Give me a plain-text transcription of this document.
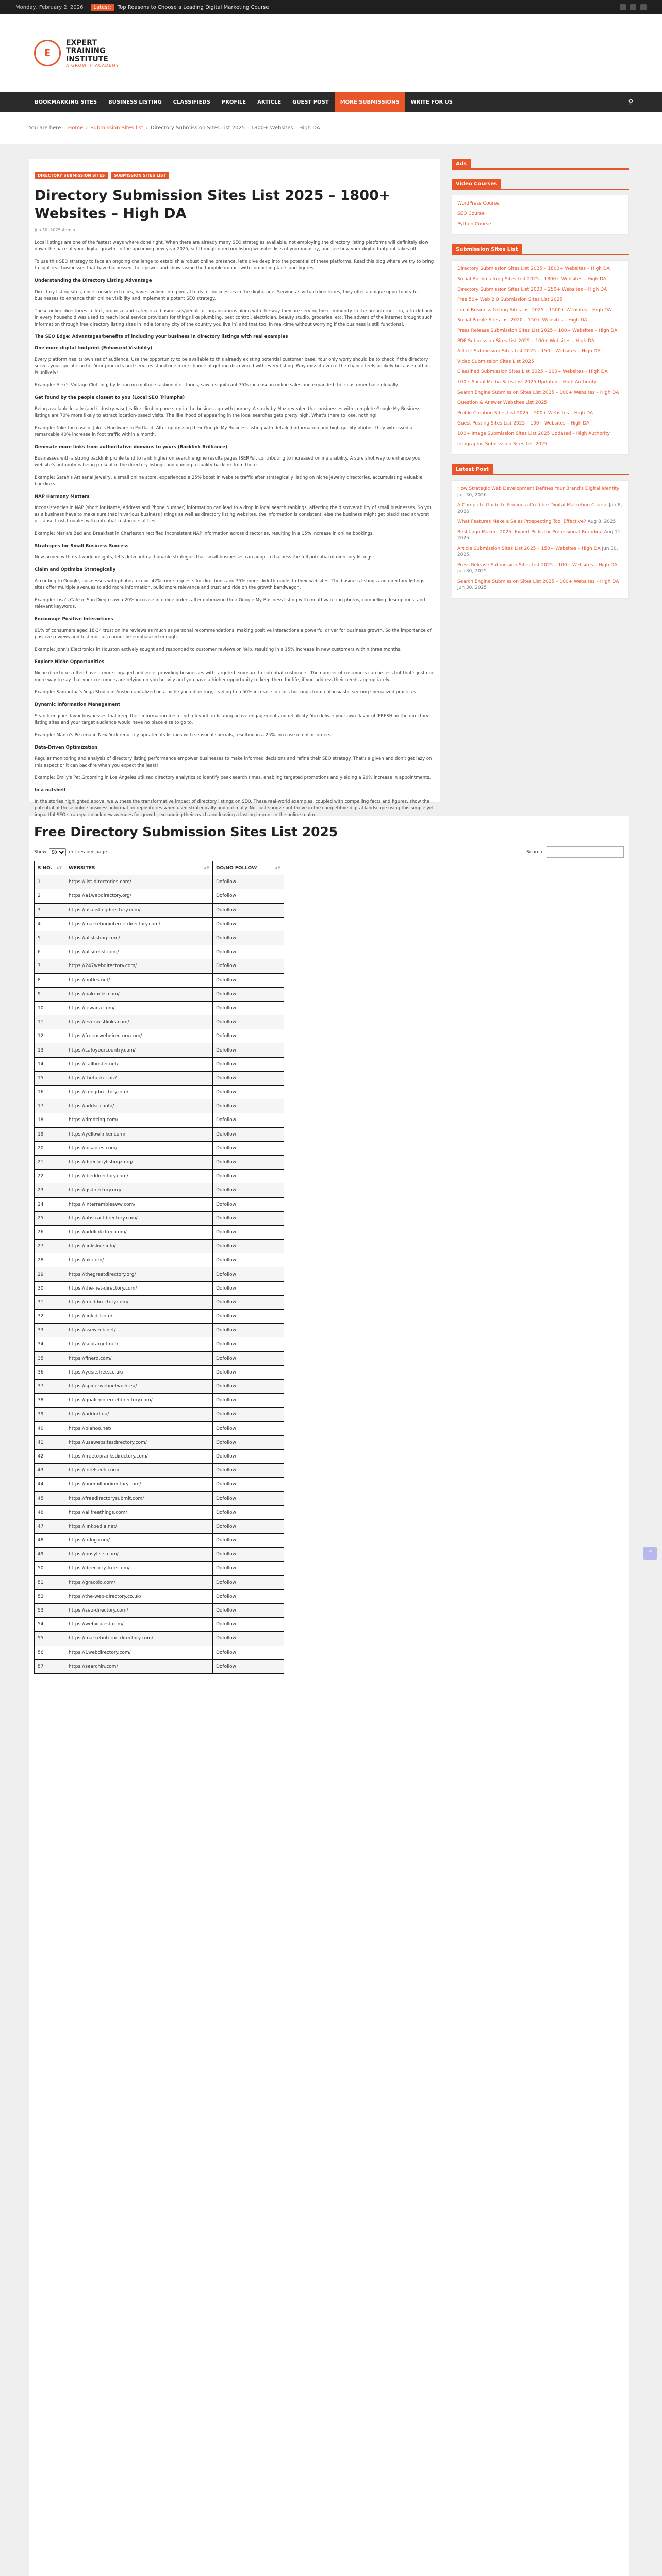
Monday, February 2, 2026	Latest:	Top Reasons to Choose a Leading Digital Marketing Course
E
EXPERT
TRAINING
INSTITUTE
A GROWTH ACADEMY
BOOKMARKING SITES	BUSINESS LISTING	CLASSIFIEDS	PROFILE	ARTICLE	GUEST POST	MORE SUBMISSIONS	WRITE FOR US	⚲
You are here : Home › Submission Sites list › Directory Submission Sites List 2025 – 1800+ Websites – High DA
DIRECTORY SUBMISSION SITES	SUBMISSION SITES LIST
Directory Submission Sites List 2025 – 1800+ Websites – High DA
Jun 30, 2025 Admin

Local listings are one of the fastest ways where done right. When there are already many SEO strategies available, not employing the directory listing platforms will definitely slow down the pace of your digital growth. In the upcoming new year 2025, sift through directory listing websites lists of your industry, and see how your digital footprint takes off.

To use this SEO strategy to face an ongoing challenge to establish a robust online presence, let's dive deep into the potential of these platforms. Read this blog where we try to bring to light real businesses that have harnessed their power and showcasing the tangible impact with compelling facts and figures.

Understanding the Directory Listing Advantage

Directory listing sites, once considered relics, have evolved into pivotal tools for businesses in the digital age. Serving as virtual directories, they offer a unique opportunity for businesses to enhance their online visibility and implement a potent SEO strategy.

These online directories collect, organize and categorize businesses/people or organizations along with the way they are serving the community. In the pre-internet era, a thick book in every household was used to reach local service providers for things like plumbing, pest control, electrician, beauty studio, groceries, etc. The advent of the internet brought such information through free directory listing sites in India (or any city of the country you live in) and that too, in real-time without worrying if the business is still functional.

The SEO Edge: Advantages/benefits of including your business in directory listings with real examples

One more digital footprint (Enhanced Visibility)

Every platform has its own set of audience. Use the opportunity to be available to this already existing potential customer base. Your only worry should be to check if the directory serves your specific niche. Your products and services stand one more chance of getting discovered with every listing. Why miss it even if the chance feels unlikely because nothing is unlikely!

Example: Alex's Vintage Clothing, by listing on multiple fashion directories, saw a significant 35% increase in online sales and expanded their customer base globally.

Get found by the people closest to you (Local SEO Triumphs)

Being available locally (and industry-wise) is like climbing one step in the business growth journey. A study by Moz revealed that businesses with complete Google My Business listings are 70% more likely to attract location-based visits. The likelihood of appearing in the local searches gets pretty high. What's there to lose, nothing!

Example: Take the case of Jake's Hardware in Portland. After optimizing their Google My Business listing with detailed information and high-quality photos, they witnessed a remarkable 40% increase in foot traffic within a month.

Generate more links from authoritative domains to yours (Backlink Brilliance)

Businesses with a strong backlink profile tend to rank higher on search engine results pages (SERPs), contributing to increased online visibility. A sure shot way to enhance your website's authority is being present in the directory listings and gaining a quality backlink from there.

Example: Sarah's Artisanal Jewelry, a small online store, experienced a 25% boost in website traffic after strategically listing on niche jewelry directories, accumulating valuable backlinks.

NAP Harmony Matters

Inconsistencies in NAP (short for Name, Address and Phone Number) information can lead to a drop in local search rankings, affecting the discoverability of small businesses. So you as a business have to make sure that in various business listings as well as directory listing websites, the information is consistent, else the business might get blacklisted at worst or cause trust-troubles with potential customers at best.

Example: Maria's Bed and Breakfast in Charleston rectified inconsistent NAP information across directories, resulting in a 15% increase in online bookings.

Strategies for Small Business Success

Now armed with real-world insights, let's delve into actionable strategies that small businesses can adopt to harness the full potential of directory listings:

Claim and Optimize Strategically

According to Google, businesses with photos receive 42% more requests for directions and 35% more click-throughs to their websites. The business listings and directory listings sites offer multiple avenues to add more information, build more relevance and trust and ride on the growth bandwagon.

Example: Lisa's Café in San Diego saw a 20% increase in online orders after optimizing their Google My Business listing with mouthwatering photos, compelling descriptions, and relevant keywords.

Encourage Positive Interactions

91% of consumers aged 18-34 trust online reviews as much as personal recommendations, making positive interactions a powerful driver for business growth. So the importance of positive reviews and testimonials cannot be emphasized enough.

Example: John's Electronics in Houston actively sought and responded to customer reviews on Yelp, resulting in a 15% increase in new customers within three months.

Explore Niche Opportunities

Niche directories often have a more engaged audience, providing businesses with targeted exposure to potential customers. The number of customers can be less but that's just one more way to say that your customers are relying on you heavily and you have a higher opportunity to keep them for life, if you address their needs appropriately.

Example: Samantha's Yoga Studio in Austin capitalized on a niche yoga directory, leading to a 50% increase in class bookings from enthusiastic seeking specialized practices.

Dynamic Information Management

Search engines favor businesses that keep their information fresh and relevant, indicating active engagement and reliability. You deliver your own flavor of 'FRESH' in the directory listing sites and your target audience would have no place else to go to.

Example: Marco's Pizzeria in New York regularly updated its listings with seasonal specials, resulting in a 25% increase in online orders.

Data-Driven Optimization

Regular monitoring and analysis of directory listing performance empower businesses to make informed decisions and refine their SEO strategy. That's a given and don't get lazy on this aspect or it can backfire when you expect the least!

Example: Emily's Pet Grooming in Los Angeles utilized directory analytics to identify peak search times, enabling targeted promotions and yielding a 20% increase in appointments.

In a nutshell

In the stories highlighted above, we witness the transformative impact of directory listings on SEO. These real-world examples, coupled with compelling facts and figures, show the potential of these online business information repositories when used strategically and optimally. Not just survive but thrive in the competitive digital landscape using this simple yet impactful SEO strategy. Unlock new avenues for growth, expanding their reach and leaving a lasting imprint in the online realm.

Ads
Video Courses
WordPress Course
SEO Course
Python Course
Submission Sites List
Directory Submission Sites List 2025 – 1800+ Websites – High DA
Social Bookmarking Sites List 2025 – 1800+ Websites – High DA
Directory Submission Sites List 2020 – 250+ Websites – High DA
Free 50+ Web 2.0 Submission Sites List 2025
Local Business Listing Sites List 2025 – 1500+ Websites – High DA
Social Profile Sites List 2020 – 150+ Websites – High DA
Press Release Submission Sites List 2025 – 100+ Websites – High DA
PDF Submission Sites List 2025 – 100+ Websites – High DA
Article Submission Sites List 2025 – 150+ Websites – High DA
Video Submission Sites List 2025
Classified Submission Sites List 2025 – 100+ Websites – High DA
100+ Social Media Sites List 2025 Updated – High Authority
Search Engine Submission Sites List 2025 – 100+ Websites – High DA
Question & Answer Websites List 2025
Profile Creation Sites List 2025 – 500+ Websites – High DA
Guest Posting Sites List 2025 – 100+ Websites – High DA
100+ Image Submission Sites List 2025 Updated – High Authority
Infographic Submission Sites List 2025
Latest Post
How Strategic Web Development Defines Your Brand's Digital Identity Jan 30, 2026
A Complete Guide to Finding a Credible Digital Marketing Course Jan 8, 2026
What Features Make a Sales Prospecting Tool Effective? Aug 8, 2025
Best Logo Makers 2025: Expert Picks for Professional Branding Aug 11, 2025
Article Submission Sites List 2025 – 150+ Websites – High DA Jun 30, 2025
Press Release Submission Sites List 2025 – 100+ Websites – High DA Jun 30, 2025
Search Engine Submission Sites List 2025 – 100+ Websites – High DA Jun 30, 2025
Free Directory Submission Sites List 2025
Show
50	entries per page	Search:
S NO. ▲▼	WEBSITES ▲▼	DO/NO FOLLOW ▲▼

1	https://list-directories.com/	Dofollow
2	https://a1webdirectory.org/	Dofollow
3	https://usalistingdirectory.com/	Dofollow
4	https://marketinginternetdirectory.com/	Dofollow
5	https://allslisting.com/	Dofollow
6	https://allsitelist.com/	Dofollow
7	https://247webdirectory.com/	Dofollow
8	https://hotles.net/	Dofollow
9	https://pakranks.com/	Dofollow
10	https://jewana.com/	Dofollow
11	https://everbestlinks.com/	Dofollow
12	https://freeprwebdirectory.com/	Dofollow
13	https://cafoyourcountry.com/	Dofollow
14	https://callbuster.net/	Dofollow
15	https://thetusker.biz/	Dofollow
16	https://congdirectory.info/	Dofollow
17	https://addsite.info/	Dofollow
18	https://dmozing.com/	Dofollow
19	https://yellowlinker.com/	Dofollow
20	https://pisanies.com/	Dofollow
21	https://directorylistingz.org/	Dofollow
22	https://ibeddirectory.com/	Dofollow
23	https://gsdirectory.org/	Dofollow
24	https://interrambleaww.com/	Dofollow
25	https://abstractdirectory.com/	Dofollow
26	https://addlinkzfree.com/	Dofollow
27	https://linkslive.info/	Dofollow
28	https://uk.com/	Dofollow
29	https://thegreatdirectory.org/	Dofollow
30	https://the-net-directory.com/	Dofollow
31	https://feeddirectory.com/	Dofollow
32	https://linkidd.info/	Dofollow
33	https://sseweek.net/	Dofollow
34	https://seotarget.net/	Dofollow
35	https://finerd.com/	Dofollow
36	https://yesitsfree.co.uk/	Dofollow
37	https://spiderwebnetwork.eu/	Dofollow
38	https://qualityinternetdirectory.com/	Dofollow
39	https://addurl.nu/	Dofollow
40	https://blahoo.net/	Dofollow
41	https://usawebsitesdirectory.com/	Dofollow
42	https://freetopranksdirectory.com/	Dofollow
43	https://intelseek.com/	Dofollow
44	https://onemillondirectory.com/	Dofollow
45	https://freedirectorysubmit.com/	Dofollow
46	https://allfreethings.com/	Dofollow
47	https://linkpedia.net/	Dofollow
48	https://h-log.com/	Dofollow
49	https://busylists.com/	Dofollow
50	https://directory-free.com/	Dofollow
51	https://gracolo.com/	Dofollow
52	https://the-web-directory.co.uk/	Dofollow
53	https://seo-directory.com/	Dofollow
54	https://webxquest.com/	Dofollow
55	https://marketinternetdirectory.com/	Dofollow
56	https://1webdirectory.com/	Dofollow
57	https://searchin.com/	Dofollow
⌃
